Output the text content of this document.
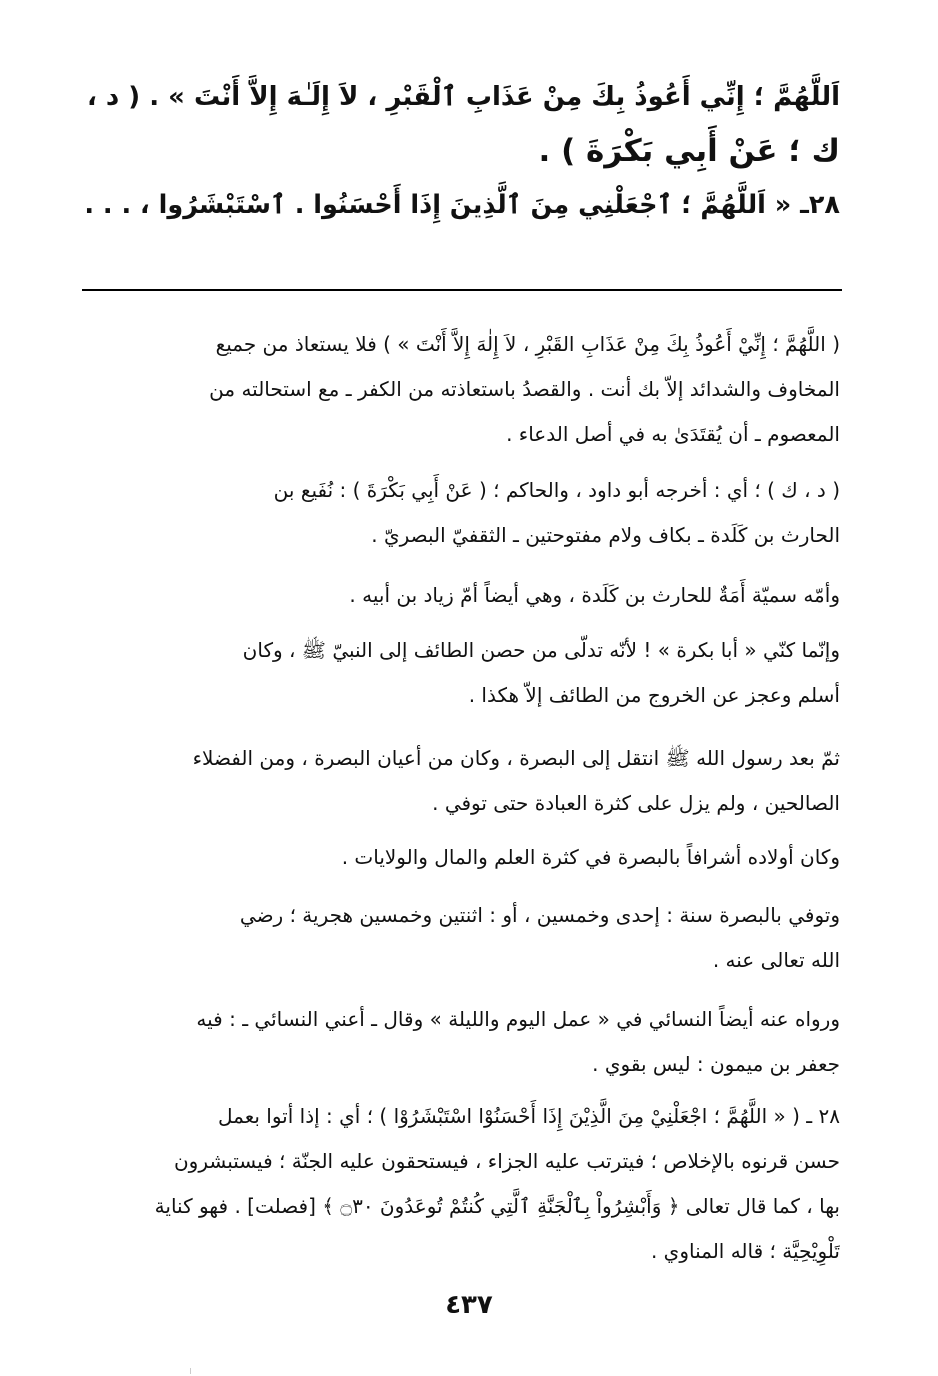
اَللَّهُمَّ ؛ إِنِّي أَعُوذُ بِكَ مِنْ عَذَابِ ٱلْقَبْرِ ، لاَ إِلَـٰهَ إِلاَّ أَنْتَ » . ( د ،
ك ؛ عَنْ أَبِي بَكْرَةَ ) .
٢٨ـ « اَللَّهُمَّ ؛ ٱجْعَلْنِي مِنَ ٱلَّذِينَ إِذَا أَحْسَنُوا . ٱسْتَبْشَرُوا ، . . .
( اللَّهُمَّ ؛ إِنِّيْ أَعُوذُ بِكَ مِنْ عَذَابِ القَبْرِ ، لاَ إِلٰهَ إِلاَّ أَنْتَ » ) فلا يستعاذ من جميع
المخاوف والشدائد إلاّ بك أنت . والقصدُ باستعاذته من الكفر ـ مع استحالته من
المعصوم ـ أن يُقتَدَىٰ به في أصل الدعاء .
( د ، ك ) ؛ أي : أخرجه أبو داود ، والحاكم ؛ ( عَنْ أَبِي بَكْرَةَ ) : نُفَيع بن
الحارث بن كَلَدة ـ بكاف ولام مفتوحتين ـ الثقفيّ البصريّ .
وأمّه سميّة أَمَةٌ للحارث بن كَلَدة ، وهي أيضاً أمّ زياد بن أبيه .
وإنّما كنّي « أبا بكرة » ! لأنّه تدلّى من حصن الطائف إلى النبيّ ﷺ ، وكان
أسلم وعجز عن الخروج من الطائف إلاّ هكذا .
ثمّ بعد رسول الله ﷺ انتقل إلى البصرة ، وكان من أعيان البصرة ، ومن الفضلاء
الصالحين ، ولم يزل على كثرة العبادة حتى توفي .
وكان أولاده أشرافاً بالبصرة في كثرة العلم والمال والولايات .
وتوفي بالبصرة سنة : إحدى وخمسين ، أو : اثنتين وخمسين هجرية ؛ رضي
الله تعالى عنه .
ورواه عنه أيضاً النسائي في « عمل اليوم والليلة » وقال ـ أعني النسائي ـ : فيه
جعفر بن ميمون : ليس بقوي .
٢٨ ـ ( « اللَّهُمَّ ؛ اجْعَلْنِيْ مِنَ الَّذِيْنَ إِذَا أَحْسَنُوْا اسْتَبْشَرُوْا ) ؛ أي : إذا أتوا بعمل
حسن قرنوه بالإخلاص ؛ فيترتب عليه الجزاء ، فيستحقون عليه الجنّة ؛ فيستبشرون
بها ، كما قال تعالى ﴿ وَأَبْشِرُواْ بِٱلْجَنَّةِ ٱلَّتِي كُنتُمْ تُوعَدُونَ ۝٣٠ ﴾ [فصلت] . فهو كناية
تَلْوِيْحِيَّة ؛ قاله المناوي .
٤٣٧
